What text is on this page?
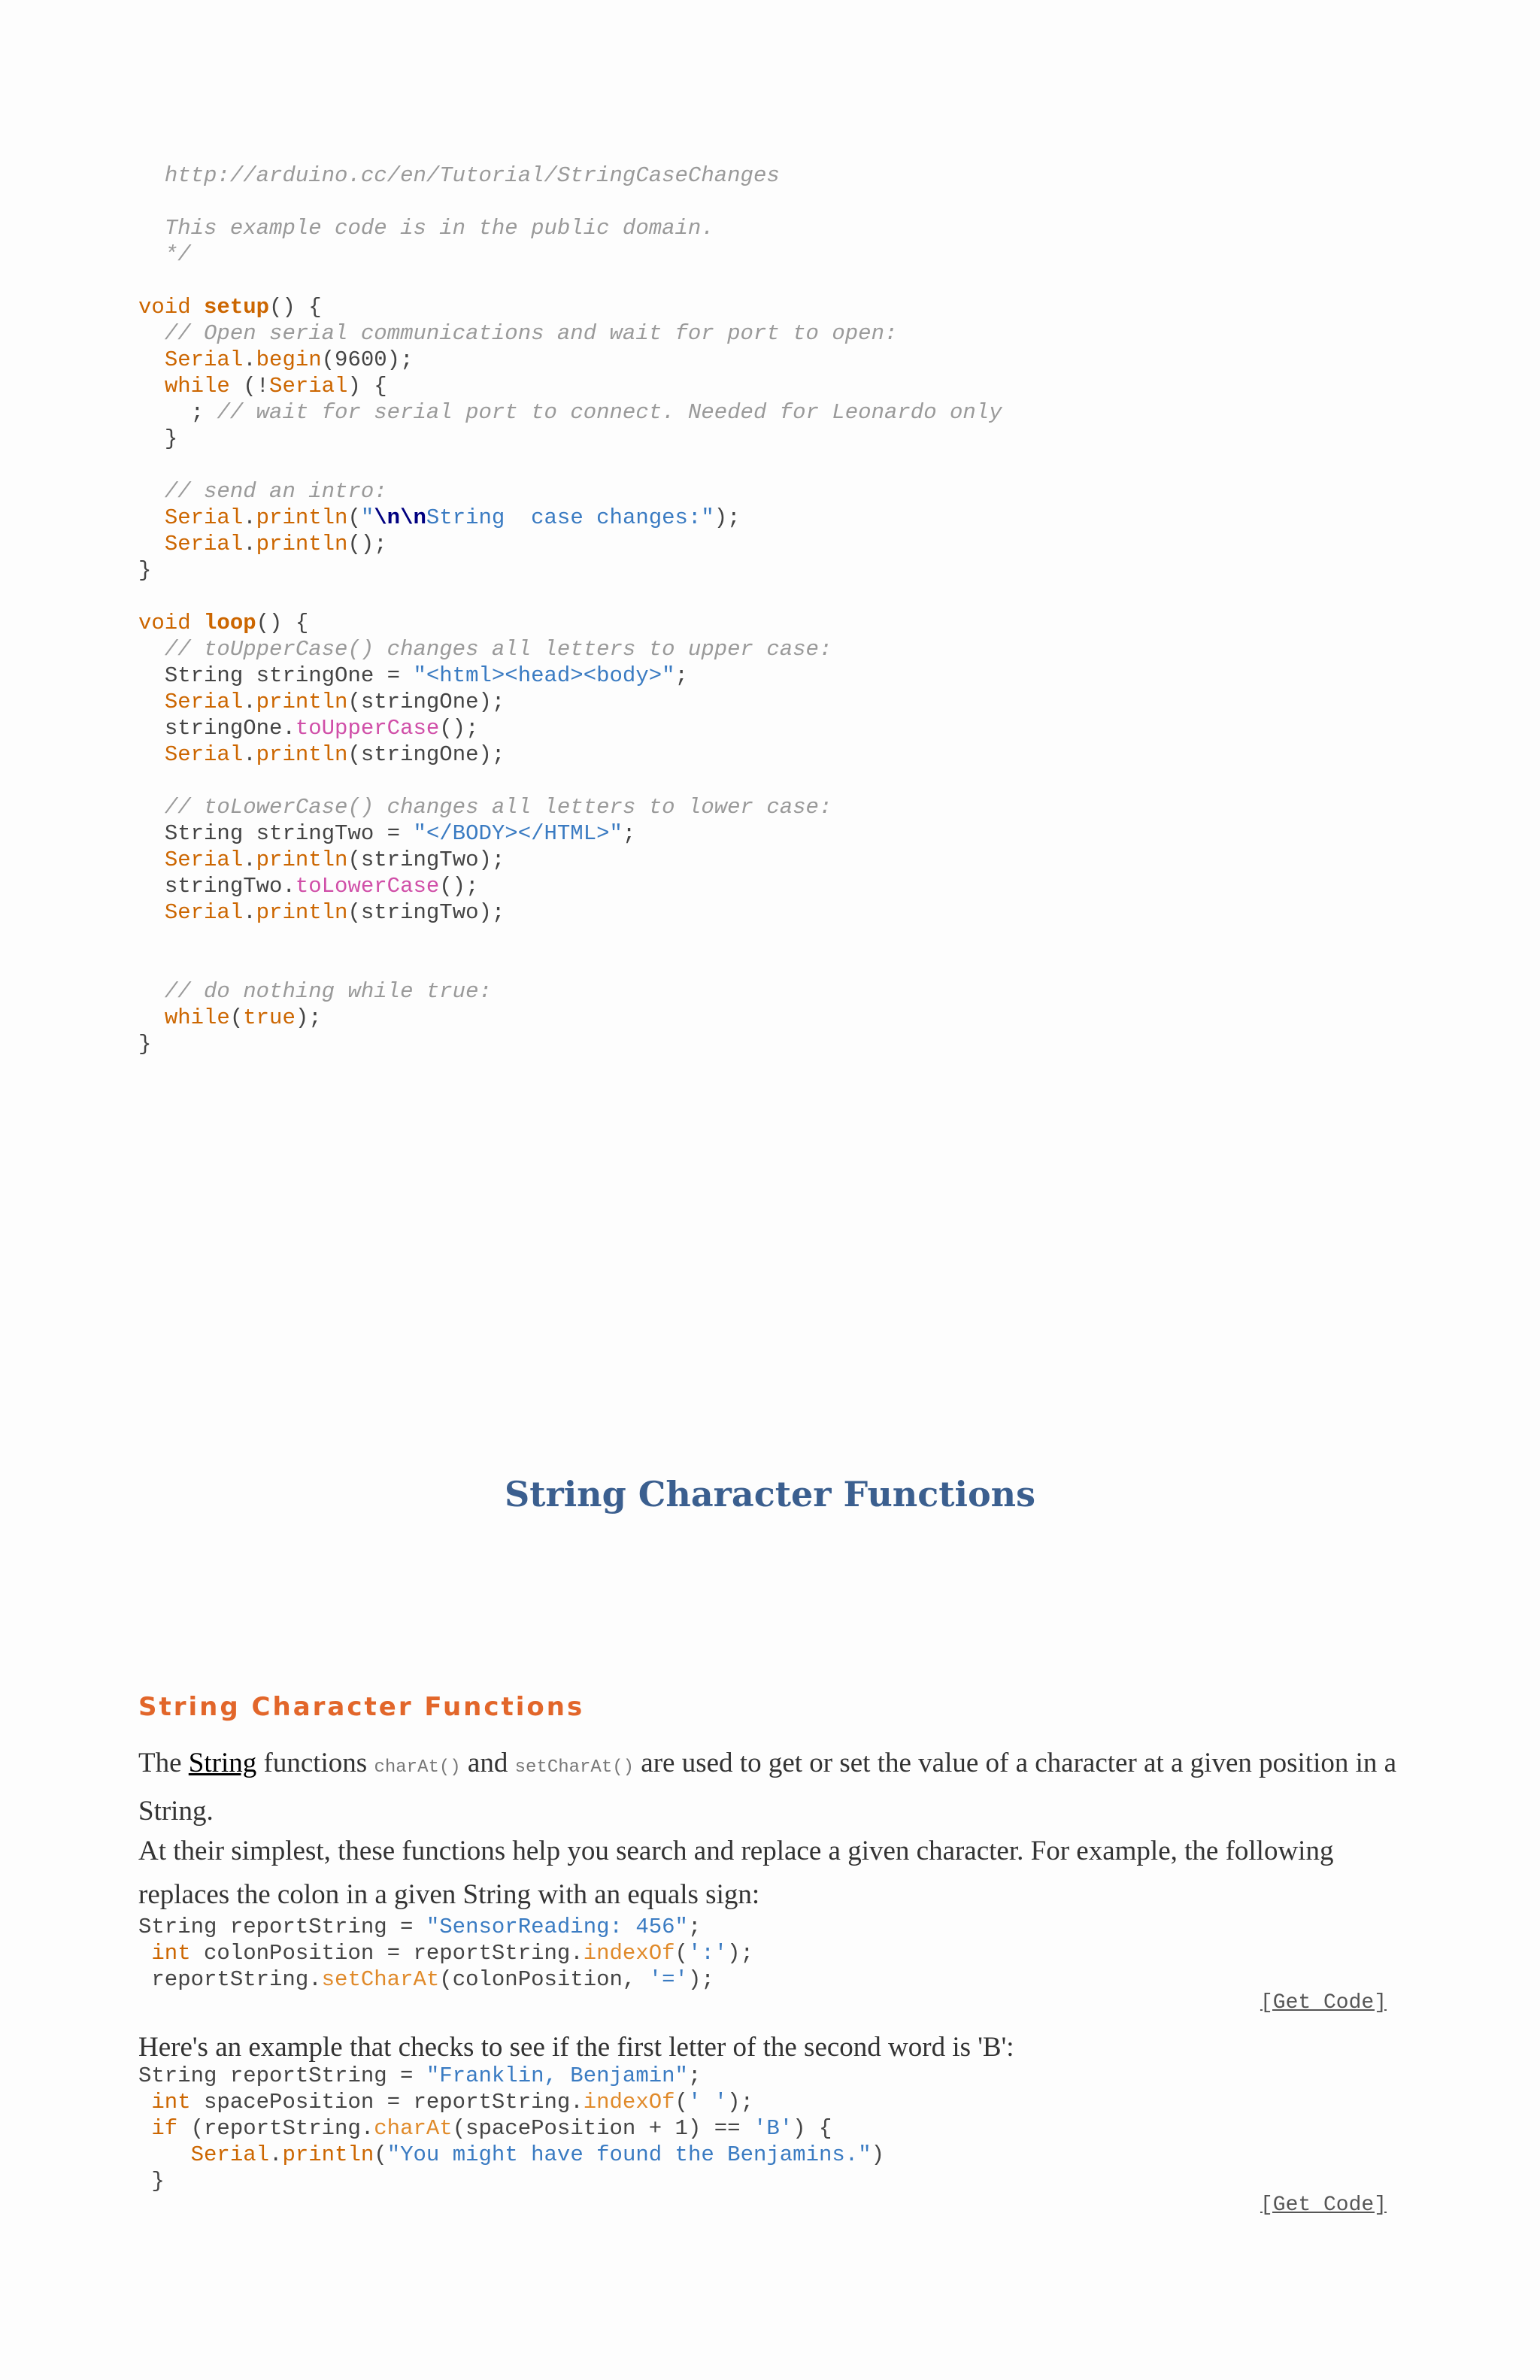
http://arduino.cc/en/Tutorial/StringCaseChanges

This example code is in the public domain.
*/

void setup() {
// Open serial communications and wait for port to open:
Serial.begin(9600);
while (!Serial) {
; // wait for serial port to connect. Needed for Leonardo only
}

// send an intro:
Serial.println("\n\nString  case changes:");
Serial.println();
}

void loop() {
// toUpperCase() changes all letters to upper case:
String stringOne = "<html><head><body>";
Serial.println(stringOne);
stringOne.toUpperCase();
Serial.println(stringOne);

// toLowerCase() changes all letters to lower case:
String stringTwo = "</BODY></HTML>";
Serial.println(stringTwo);
stringTwo.toLowerCase();
Serial.println(stringTwo);

// do nothing while true:
while(true);
}
String Character Functions
String Character Functions

The String functions charAt() and setCharAt() are used to get or set the value of a character at a given position in a String.

At their simplest, these functions help you search and replace a given character. For example, the following replaces the colon in a given String with an equals sign:

String reportString = "SensorReading: 456";
int colonPosition = reportString.indexOf(':');
reportString.setCharAt(colonPosition, '=');
[Get Code]

Here's an example that checks to see if the first letter of the second word is 'B':

String reportString = "Franklin, Benjamin";
int spacePosition = reportString.indexOf(' ');
if (reportString.charAt(spacePosition + 1) == 'B') {
Serial.println("You might have found the Benjamins.")
}
[Get Code]
